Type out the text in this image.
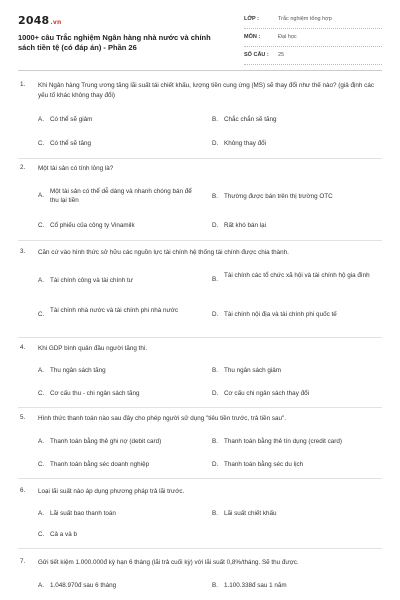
2048.vn
1000+ câu Trắc nghiệm Ngân hàng nhà nước và chính sách tiền tệ (có đáp án) - Phần 26
LỚP :	Trắc nghiệm tổng hợp
MÔN :	Đại học
SỐ CÂU : 25
1. Khi Ngân hàng Trung ương tăng lãi suất tái chiết khấu, lượng tiền cung ứng (MS) sẽ thay đổi như thế nào? (giả định các yếu tố khác không thay đổi)
A. Có thể sẽ giảm	B. Chắc chắn sẽ tăng
C. Có thể sẽ tăng	D. Không thay đổi
2. Một tài sản có tính lỏng là?
A.
Một tài sản có thể dễ dàng và nhanh chóng bán để thu lại tiền
B. Thường được bán trên thị trường OTC
C. Cổ phiếu của công ty Vinamilk	D. Rất khó bán lại
3. Căn cứ vào hình thức sở hữu các nguồn lực tài chính hệ thống tài chính được chia thành.
A. Tài chính công và tài chính tư	B.
Tài chính các tổ chức xã hội và tài chính hộ gia đình
C.
Tài chính nhà nước và tài chính phi nhà nước
D. Tài chính nội địa và tài chính phi quốc tế
4. Khi GDP bình quân đầu người tăng thì.
A. Thu ngân sách tăng	B. Thu ngân sách giảm
C. Cơ cấu thu - chi ngân sách tăng	D. Cơ cấu chi ngân sách thay đổi
5. Hình thức thanh toán nào sau đây cho phép người sử dụng "tiêu tiền trước, trả tiền sau".
A. Thanh toán bằng thẻ ghi nợ (debit card)	B. Thanh toán bằng thẻ tín dụng (credit card)
C. Thanh toán bằng séc doanh nghiệp	D. Thanh toán bằng séc du lịch
6. Loại lãi suất nào áp dụng phương pháp trả lãi trước.
A. Lãi suất bao thanh toán	B. Lãi suất chiết khấu
C. Cả a và b
7. Gửi tiết kiệm 1.000.000đ kỳ hạn 6 tháng (lãi trả cuối kỳ) với lãi suất 0,8%/tháng. Sẽ thu được.
A. 1.048.970đ sau 6 tháng	B. 1.100.338đ sau 1 năm
